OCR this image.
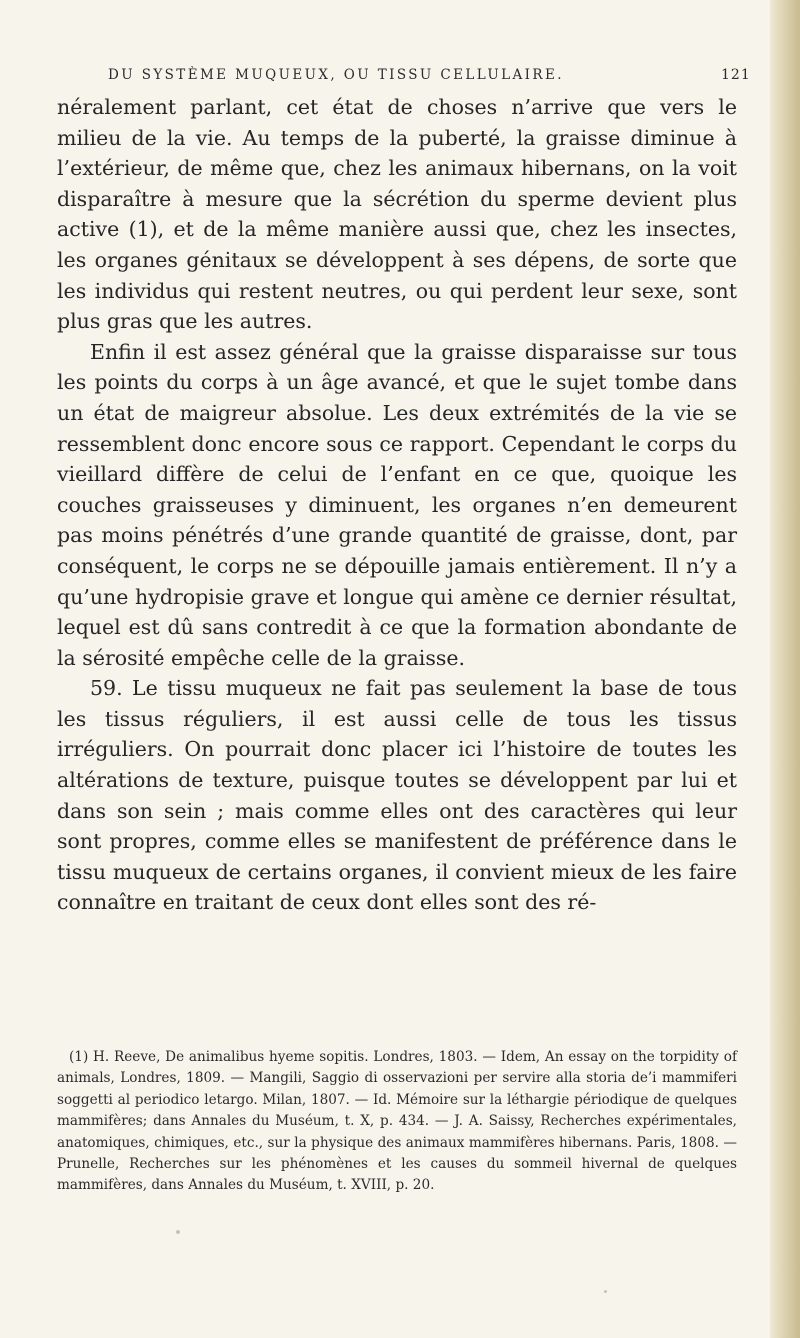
DU SYSTÈME MUQUEUX, OU TISSU CELLULAIRE.	121

néralement parlant, cet état de choses n’arrive que vers le milieu de la vie. Au temps de la puberté, la graisse diminue à l’extérieur, de même que, chez les animaux hibernans, on la voit disparaître à mesure que la sécrétion du sperme devient plus active (1), et de la même manière aussi que, chez les insectes, les organes génitaux se développent à ses dépens, de sorte que les individus qui restent neutres, ou qui perdent leur sexe, sont plus gras que les autres.

Enfin il est assez général que la graisse disparaisse sur tous les points du corps à un âge avancé, et que le sujet tombe dans un état de maigreur absolue. Les deux extrémités de la vie se ressemblent donc encore sous ce rapport. Cependant le corps du vieillard diffère de celui de l’enfant en ce que, quoique les couches graisseuses y diminuent, les organes n’en demeurent pas moins pénétrés d’une grande quantité de graisse, dont, par conséquent, le corps ne se dépouille jamais entièrement. Il n’y a qu’une hydropisie grave et longue qui amène ce dernier résultat, lequel est dû sans contredit à ce que la formation abondante de la sérosité empêche celle de la graisse.

59. Le tissu muqueux ne fait pas seulement la base de tous les tissus réguliers, il est aussi celle de tous les tissus irréguliers. On pourrait donc placer ici l’histoire de toutes les altérations de texture, puisque toutes se développent par lui et dans son sein ; mais comme elles ont des caractères qui leur sont propres, comme elles se manifestent de préférence dans le tissu muqueux de certains organes, il convient mieux de les faire connaître en traitant de ceux dont elles sont des ré-

(1) H. Reeve, De animalibus hyeme sopitis. Londres, 1803. — Idem, An essay on the torpidity of animals, Londres, 1809. — Mangili, Saggio di osservazioni per servire alla storia de’i mammiferi soggetti al periodico letargo. Milan, 1807. — Id. Mémoire sur la léthargie périodique de quelques mammifères; dans Annales du Muséum, t. X, p. 434. — J. A. Saissy, Recherches expérimentales, anatomiques, chimiques, etc., sur la physique des animaux mammifères hibernans. Paris, 1808. — Prunelle, Recherches sur les phénomènes et les causes du sommeil hivernal de quelques mammifères, dans Annales du Muséum, t. XVIII, p. 20.
